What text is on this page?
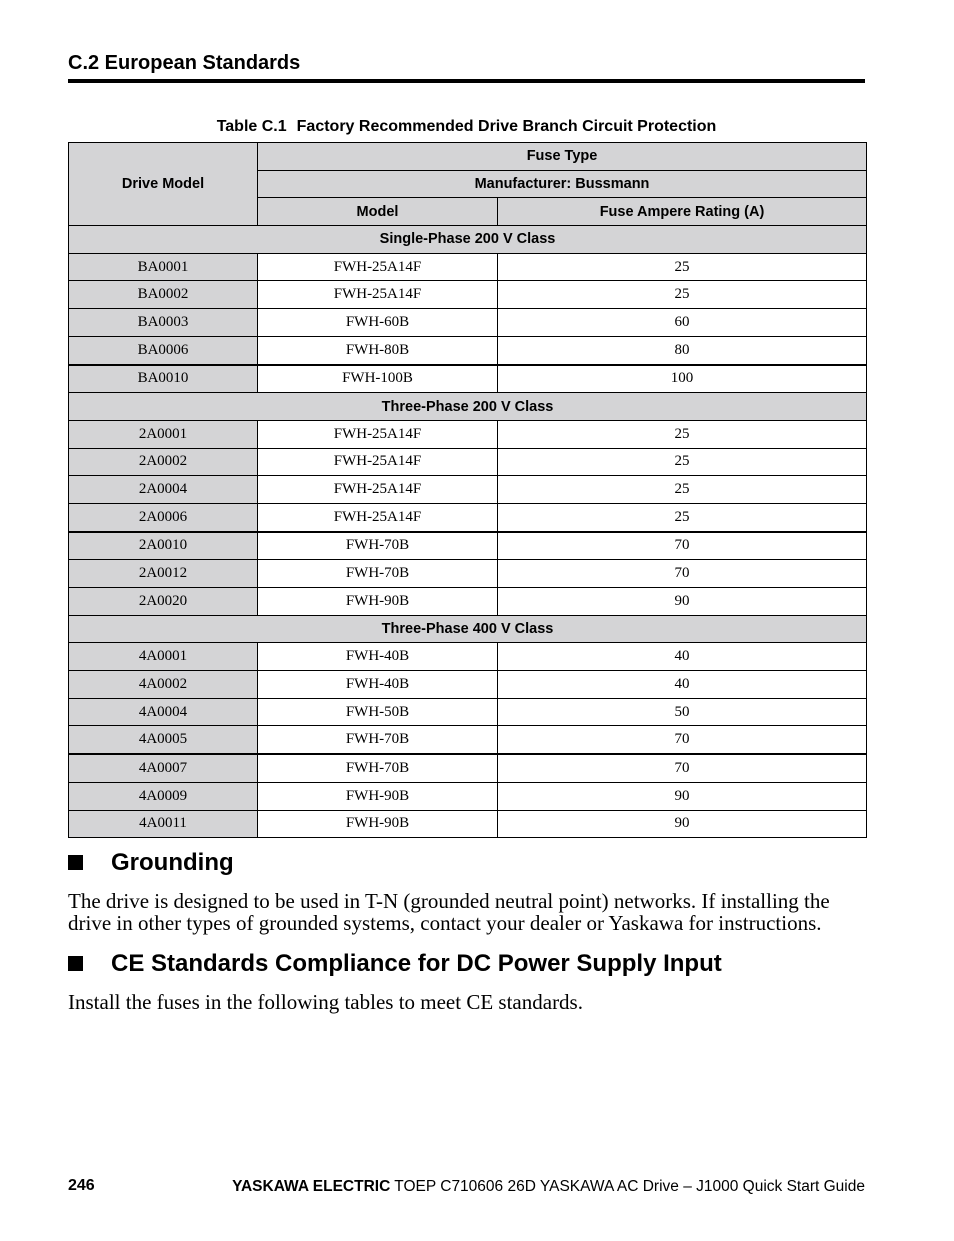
C.2 European Standards
Table C.1 Factory Recommended Drive Branch Circuit Protection
Drive Model	Fuse Type	
	Manufacturer: Bussmann	
	Model	Fuse Ampere Rating (A)
Single-Phase 200 V Class		
BA0001	FWH-25A14F	25
BA0002	FWH-25A14F	25
BA0003	FWH-60B	60
BA0006	FWH-80B	80
BA0010	FWH-100B	100
Three-Phase 200 V Class		
2A0001	FWH-25A14F	25
2A0002	FWH-25A14F	25
2A0004	FWH-25A14F	25
2A0006	FWH-25A14F	25
2A0010	FWH-70B	70
2A0012	FWH-70B	70
2A0020	FWH-90B	90
Three-Phase 400 V Class		
4A0001	FWH-40B	40
4A0002	FWH-40B	40
4A0004	FWH-50B	50
4A0005	FWH-70B	70
4A0007	FWH-70B	70
4A0009	FWH-90B	90
4A0011	FWH-90B	90
Grounding
The drive is designed to be used in T-N (grounded neutral point) networks. If installing the drive in other types of grounded systems, contact your dealer or Yaskawa for instructions.
CE Standards Compliance for DC Power Supply Input
Install the fuses in the following tables to meet CE standards.
246	YASKAWA ELECTRIC TOEP C710606 26D YASKAWA AC Drive – J1000 Quick Start Guide
